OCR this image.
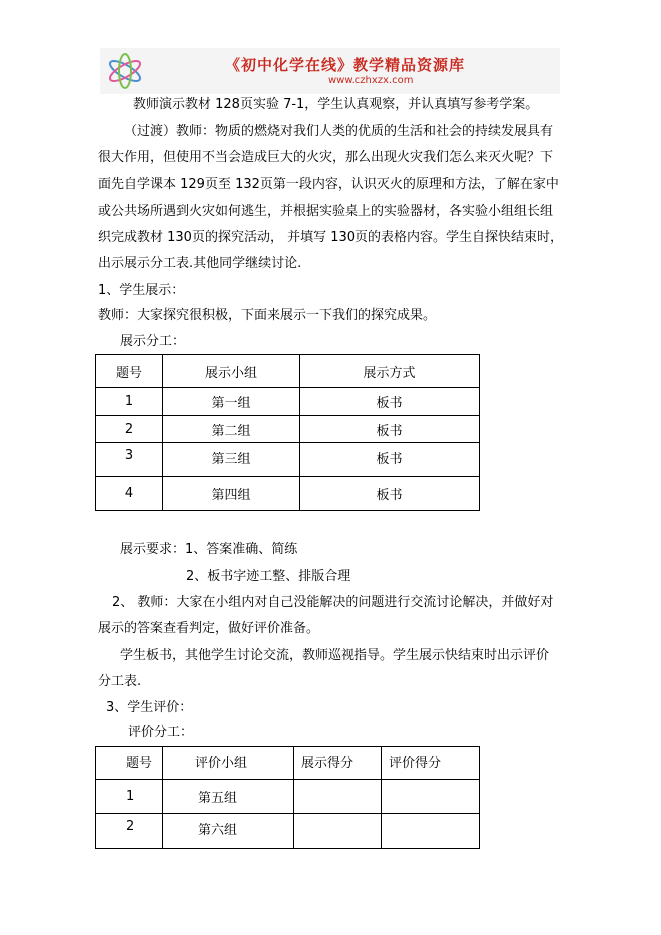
《初中化学在线》教学精品资源库
www.czhxzx.com
教师演示教材 128页实验 7-1，学生认真观察，并认真填写参考学案。
（过渡）教师：物质的燃烧对我们人类的优质的生活和社会的持续发展具有
很大作用，但使用不当会造成巨大的火灾，那么出现火灾我们怎么来灭火呢？下
面先自学课本 129页至 132页第一段内容，认识灭火的原理和方法，了解在家中
或公共场所遇到火灾如何逃生，并根据实验桌上的实验器材，各实验小组组长组
织完成教材 130页的探究活动， 并填写 130页的表格内容。学生自探快结束时，
出示展示分工表.其他同学继续讨论.
1、学生展示：
教师：大家探究很积极，下面来展示一下我们的探究成果。
展示分工：
题号	展示小组	展示方式
1	第一组	板书
2	第二组	板书
3	第三组	板书
4	第四组	板书
展示要求：1、答案准确、简练
2、板书字迹工整、排版合理
2、 教师：大家在小组内对自己没能解决的问题进行交流讨论解决，并做好对
展示的答案查看判定，做好评价准备。
学生板书，其他学生讨论交流，教师巡视指导。学生展示快结束时出示评价
分工表.
3、学生评价：
评价分工：
题号	评价小组	展示得分	评价得分
1	第五组		
2	第六组		
